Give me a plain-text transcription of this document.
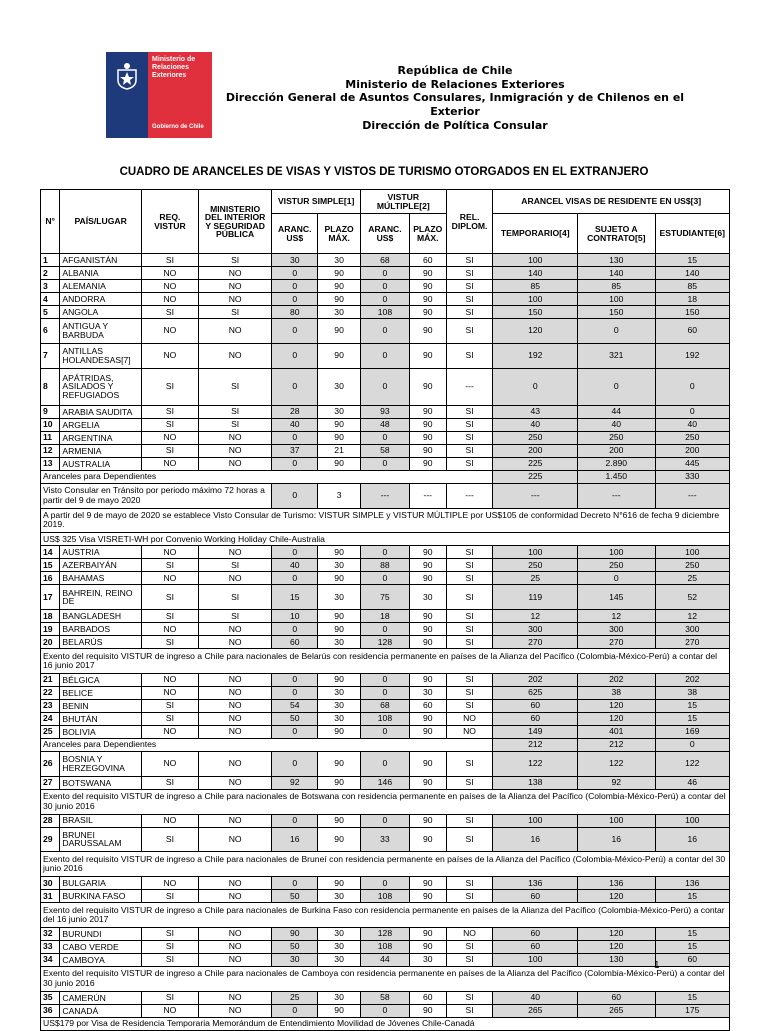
Ministerio de
Relaciones
Exteriores
Gobierno de Chile
República de Chile
Ministerio de Relaciones Exteriores
Dirección General de Asuntos Consulares, Inmigración y de Chilenos en el Exterior
Dirección de Política Consular
CUADRO DE ARANCELES DE VISAS Y VISTOS DE TURISMO OTORGADOS EN EL EXTRANJERO
N°	PAÍS/LUGAR	REQ. VISTUR	MINISTERIO DEL INTERIOR Y SEGURIDAD PÚBLICA	VISTUR SIMPLE[1]		VISTUR MÚLTIPLE[2]		REL. DIPLOM.	ARANCEL VISAS DE RESIDENTE EN US$[3]		
				ARANC. US$	PLAZO MÁX.	ARANC. US$	PLAZO MÁX.		TEMPORARIO[4]	SUJETO A CONTRATO[5]	ESTUDIANTE[6]
1	AFGANISTÁN	SI	SI	30	30	68	60	SI	100	130	15
2	ALBANIA	NO	NO	0	90	0	90	SI	140	140	140
3	ALEMANIA	NO	NO	0	90	0	90	SI	85	85	85
4	ANDORRA	NO	NO	0	90	0	90	SI	100	100	18
5	ANGOLA	SI	SI	80	30	108	90	SI	150	150	150
6	ANTIGUA Y BARBUDA	NO	NO	0	90	0	90	SI	120	0	60
7	ANTILLAS HOLANDESAS[7]	NO	NO	0	90	0	90	SI	192	321	192
8	APÁTRIDAS, ASILADOS Y REFUGIADOS	SI	SI	0	30	0	90	---	0	0	0
9	ARABIA SAUDITA	SI	SI	28	30	93	90	SI	43	44	0
10	ARGELIA	SI	SI	40	90	48	90	SI	40	40	40
11	ARGENTINA	NO	NO	0	90	0	90	SI	250	250	250
12	ARMENIA	SI	NO	37	21	58	90	SI	200	200	200
13	AUSTRALIA	NO	NO	0	90	0	90	SI	225	2.890	445
Aranceles para Dependientes									225	1.450	330
Visto Consular en Tránsito por periodo máximo 72 horas a partir del 9 de mayo 2020				0	3	---	---	---	---	---	---
A partir del 9 de mayo de 2020 se establece Visto Consular de Turismo: VISTUR SIMPLE y VISTUR MÚLTIPLE por US$105 de conformidad Decreto N°616 de fecha 9 diciembre 2019.											
US$ 325 Visa VISRETI-WH por Convenio Working Holiday Chile-Australia											
14	AUSTRIA	NO	NO	0	90	0	90	SI	100	100	100
15	AZERBAIYÁN	SI	SI	40	30	88	90	SI	250	250	250
16	BAHAMAS	NO	NO	0	90	0	90	SI	25	0	25
17	BAHREIN, REINO DE	SI	SI	15	30	75	30	SI	119	145	52
18	BANGLADESH	SI	SI	10	90	18	90	SI	12	12	12
19	BARBADOS	NO	NO	0	90	0	90	SI	300	300	300
20	BELARÚS	SI	NO	60	30	128	90	SI	270	270	270
Exento del requisito VISTUR de ingreso a Chile para nacionales de Belarús con residencia permanente en países de la Alianza del Pacífico (Colombia-México-Perú) a contar del 16 junio 2017											
21	BÉLGICA	NO	NO	0	90	0	90	SI	202	202	202
22	BELICE	NO	NO	0	30	0	30	SI	625	38	38
23	BENIN	SI	NO	54	30	68	60	SI	60	120	15
24	BHUTÁN	SI	NO	50	30	108	90	NO	60	120	15
25	BOLIVIA	NO	NO	0	90	0	90	NO	149	401	169
Aranceles para Dependientes									212	212	0
26	BOSNIA Y HERZEGOVINA	NO	NO	0	90	0	90	SI	122	122	122
27	BOTSWANA	SI	NO	92	90	146	90	SI	138	92	46
Exento del requisito VISTUR de ingreso a Chile para nacionales de Botswana con residencia permanente en países de la Alianza del Pacífico (Colombia-México-Perú) a contar del 30 junio 2016											
28	BRASIL	NO	NO	0	90	0	90	SI	100	100	100
29	BRUNEI DARUSSALAM	SI	NO	16	90	33	90	SI	16	16	16
Exento del requisito VISTUR de ingreso a Chile para nacionales de Bruneí con residencia permanente en países de la Alianza del Pacífico (Colombia-México-Perú) a contar del 30 junio 2016											
30	BULGARIA	NO	NO	0	90	0	90	SI	136	136	136
31	BURKINA FASO	SI	NO	50	30	108	90	SI	60	120	15
Exento del requisito VISTUR de ingreso a Chile para nacionales de Burkina Faso con residencia permanente en países de la Alianza del Pacífico (Colombia-México-Perú) a contar del 16 junio 2017											
32	BURUNDI	SI	NO	90	30	128	90	NO	60	120	15
33	CABO VERDE	SI	NO	50	30	108	90	SI	60	120	15
34	CAMBOYA	SI	NO	30	30	44	30	SI	100	130	60
Exento del requisito VISTUR de ingreso a Chile para nacionales de Camboya con residencia permanente en países de la Alianza del Pacífico (Colombia-México-Perú) a contar del 30 junio 2016											
35	CAMERÚN	SI	NO	25	30	58	60	SI	40	60	15
36	CANADÁ	NO	NO	0	90	0	90	SI	265	265	175
US$179 por Visa de Residencia Temporaria Memorándum de Entendimiento Movilidad de Jóvenes Chile-Canadá											
1
